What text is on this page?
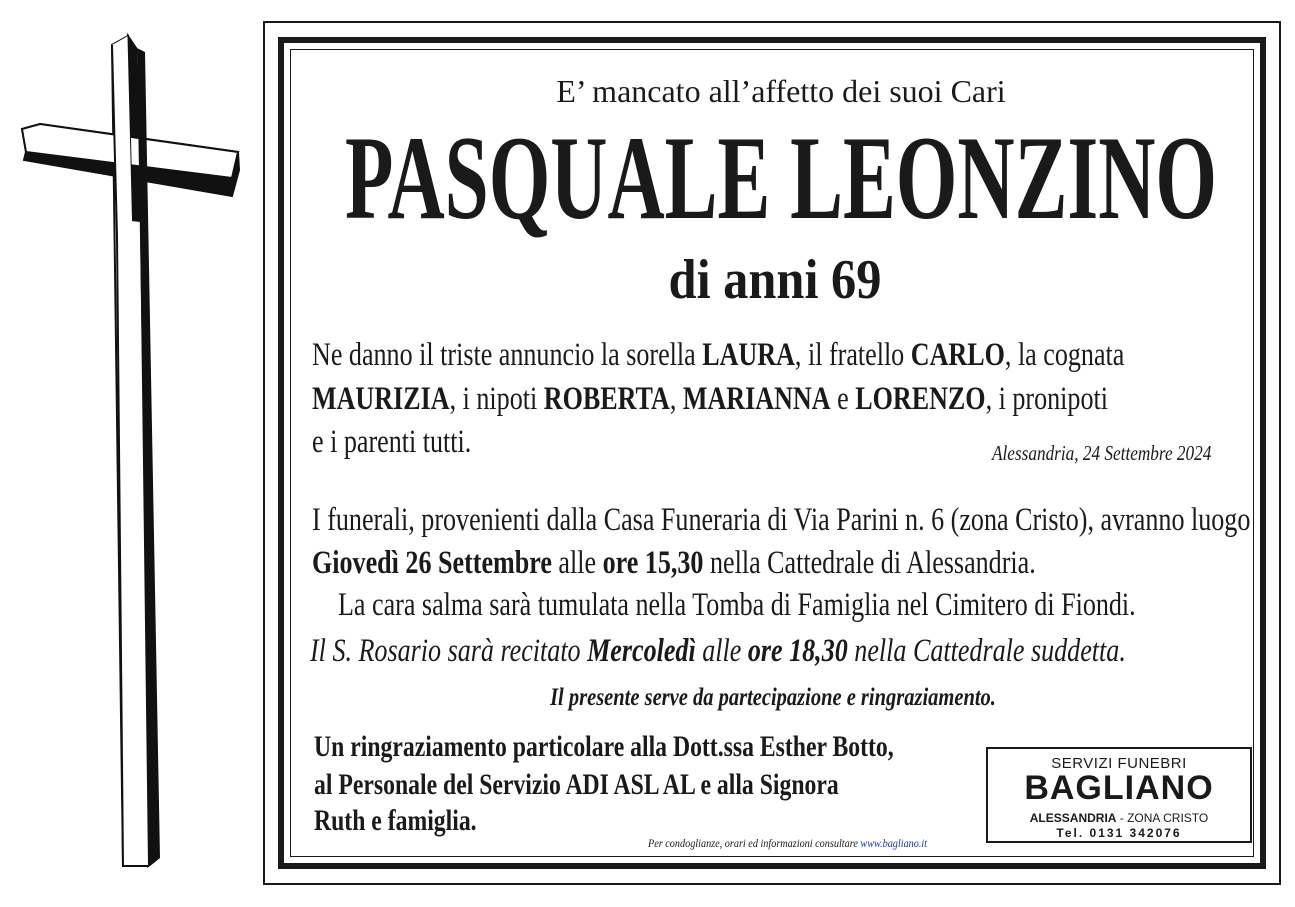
E’ mancato all’affetto dei suoi Cari
PASQUALE LEONZINO
di anni 69
Ne danno il triste annuncio la sorella LAURA, il fratello CARLO, la cognata
MAURIZIA, i nipoti ROBERTA, MARIANNA e LORENZO, i pronipoti
e i parenti tutti.	Alessandria, 24 Settembre 2024
I funerali, provenienti dalla Casa Funeraria di Via Parini n. 6 (zona Cristo), avranno luogo
Giovedì 26 Settembre alle ore 15,30 nella Cattedrale di Alessandria.
La cara salma sarà tumulata nella Tomba di Famiglia nel Cimitero di Fiondi.
Il S. Rosario sarà recitato Mercoledì alle ore 18,30 nella Cattedrale suddetta.
Il presente serve da partecipazione e ringraziamento.
Un ringraziamento particolare alla Dott.ssa Esther Botto,
al Personale del Servizio ADI ASL AL e alla Signora
Ruth e famiglia.
Per condoglianze, orari ed informazioni consultare www.bagliano.it
SERVIZI FUNEBRI
BAGLIANO
ALESSANDRIA - ZONA CRISTO
Tel. 0131 342076
